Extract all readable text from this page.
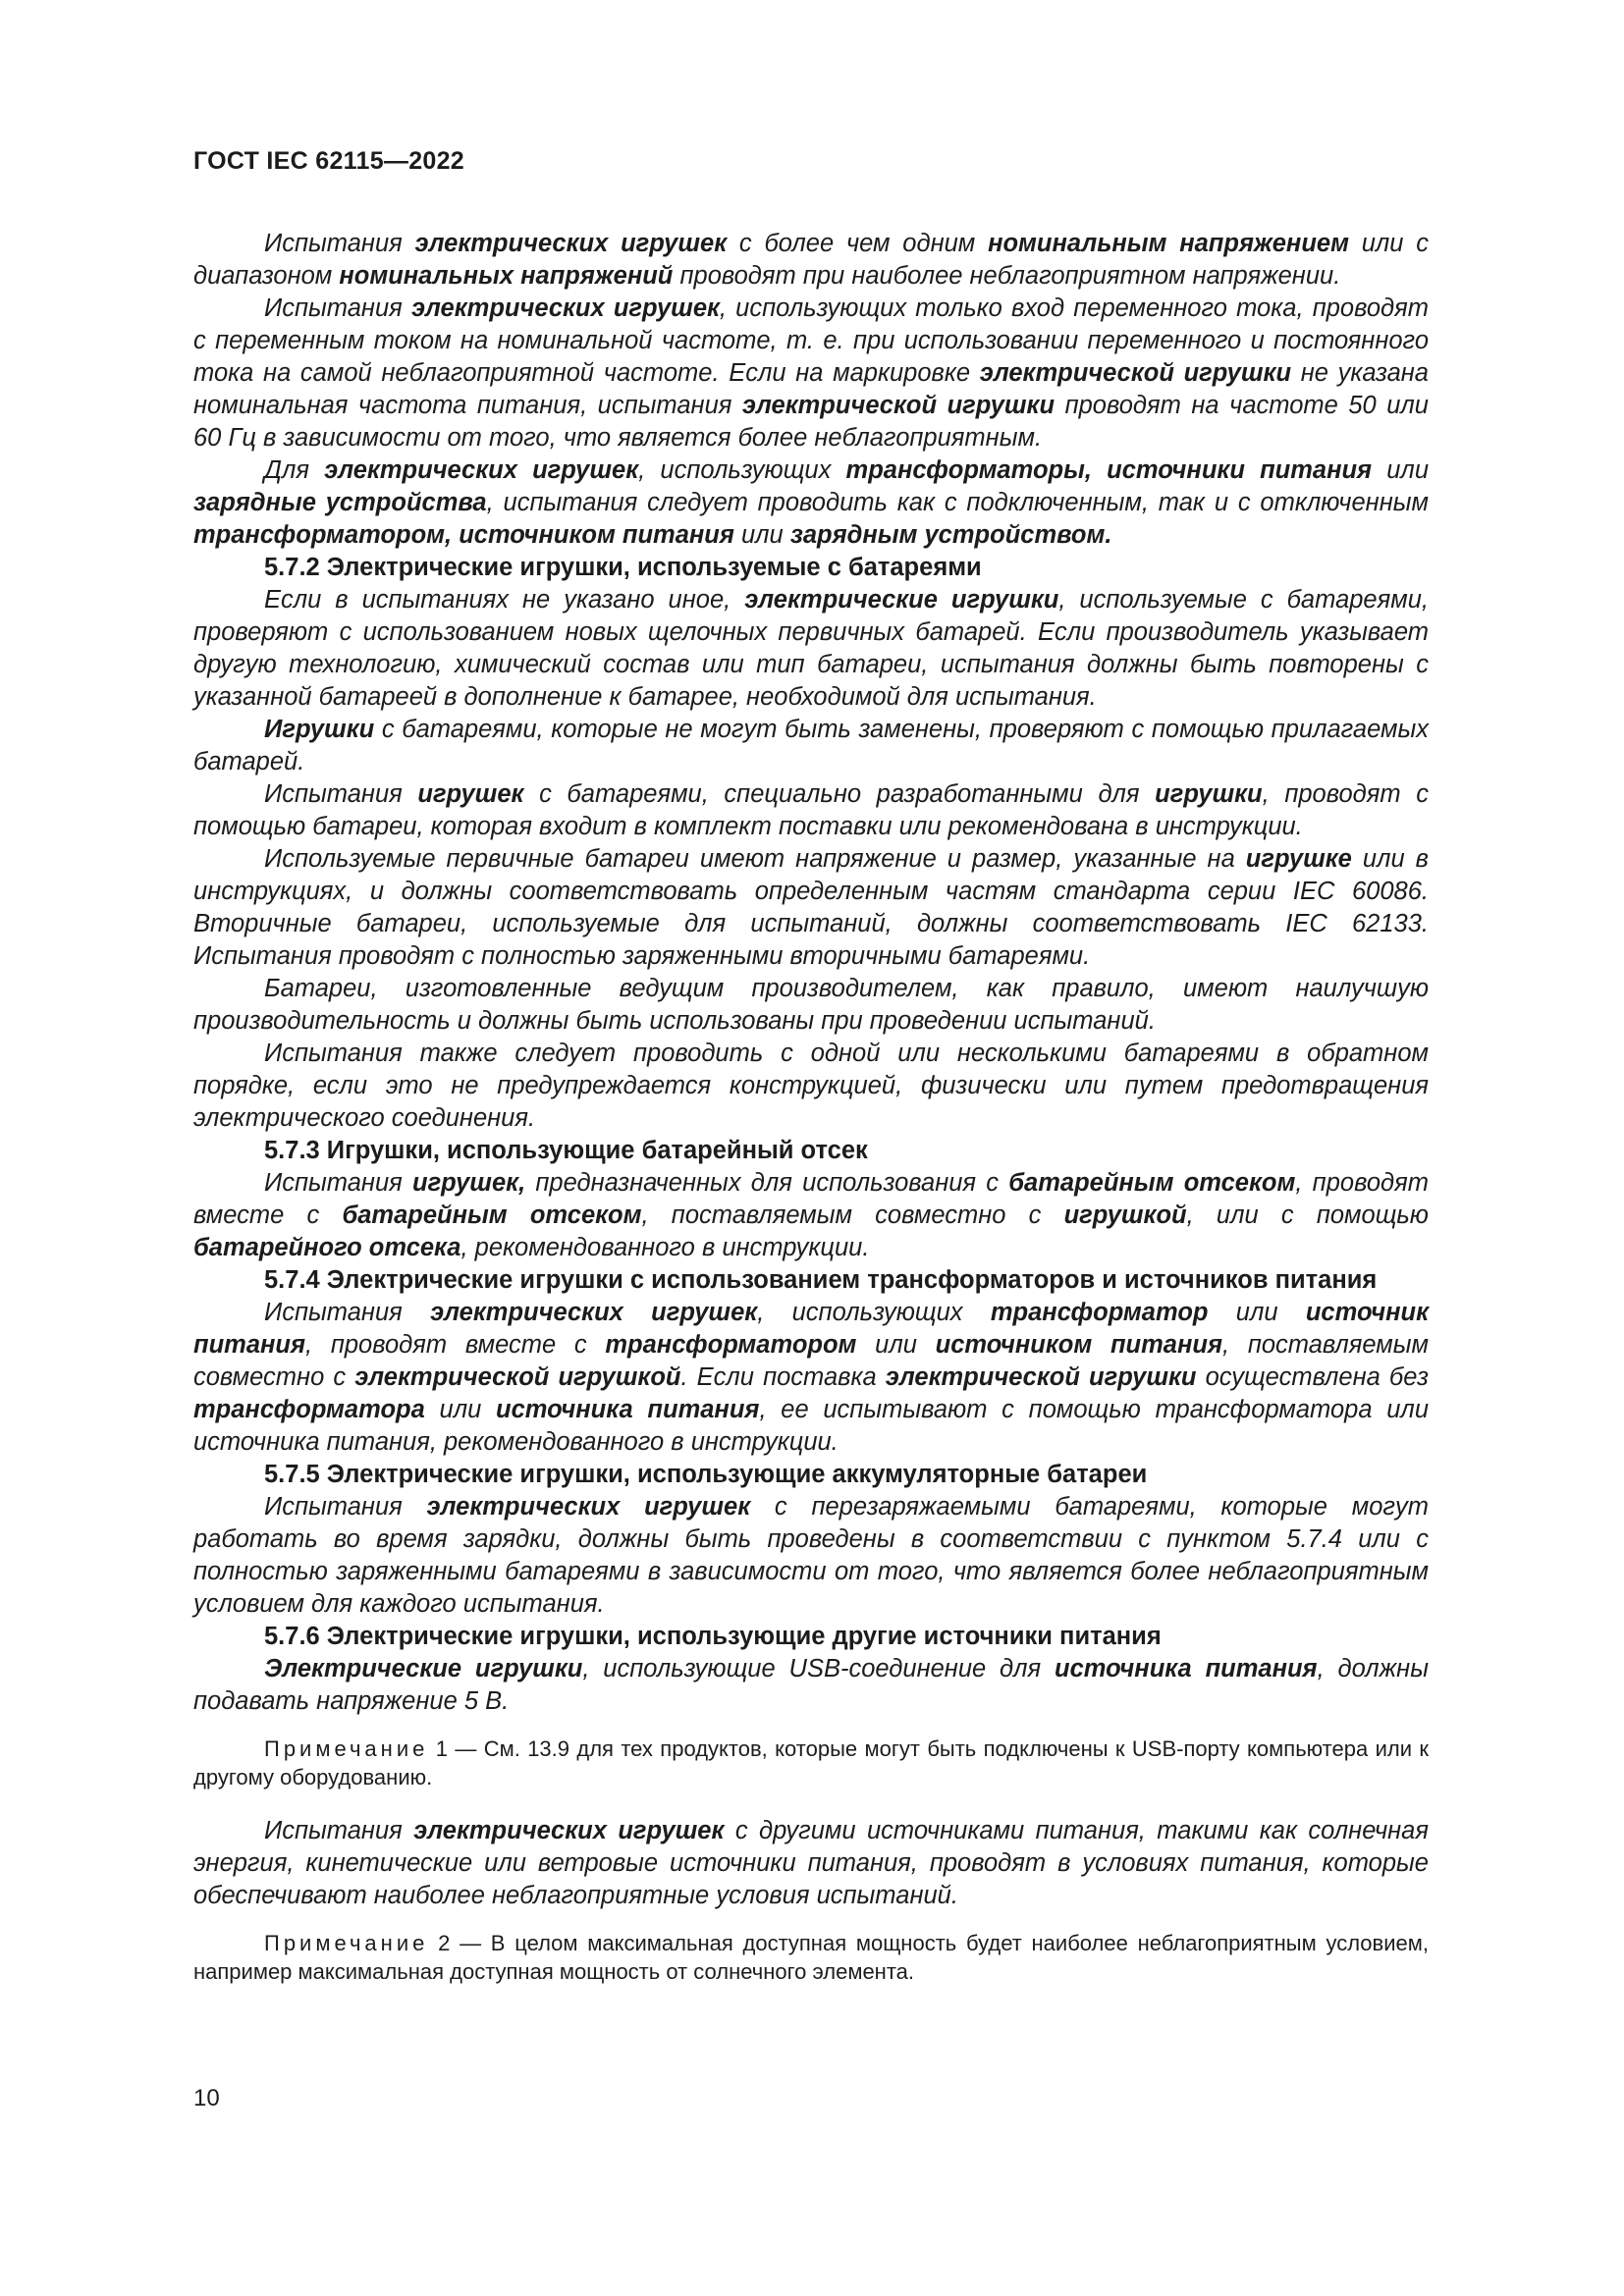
ГОСТ IEC 62115—2022

Испытания электрических игрушек с более чем одним номинальным напряжением или с диапазоном номинальных напряжений проводят при наиболее неблагоприятном напряжении.

Испытания электрических игрушек, использующих только вход переменного тока, проводят с переменным током на номинальной частоте, т. е. при использовании переменного и постоянного тока на самой неблагоприятной частоте. Если на маркировке электрической игрушки не указана номинальная частота питания, испытания электрической игрушки проводят на частоте 50 или 60 Гц в зависимости от того, что является более неблагоприятным.

Для электрических игрушек, использующих трансформаторы, источники питания или зарядные устройства, испытания следует проводить как с подключенным, так и с отключенным трансформатором, источником питания или зарядным устройством.

5.7.2 Электрические игрушки, используемые с батареями

Если в испытаниях не указано иное, электрические игрушки, используемые с батареями, проверяют с использованием новых щелочных первичных батарей. Если производитель указывает другую технологию, химический состав или тип батареи, испытания должны быть повторены с указанной батареей в дополнение к батарее, необходимой для испытания.

Игрушки с батареями, которые не могут быть заменены, проверяют с помощью прилагаемых батарей.

Испытания игрушек с батареями, специально разработанными для игрушки, проводят с помощью батареи, которая входит в комплект поставки или рекомендована в инструкции.

Используемые первичные батареи имеют напряжение и размер, указанные на игрушке или в инструкциях, и должны соответствовать определенным частям стандарта серии IEC 60086. Вторичные батареи, используемые для испытаний, должны соответствовать IEC 62133. Испытания проводят с полностью заряженными вторичными батареями.

Батареи, изготовленные ведущим производителем, как правило, имеют наилучшую производительность и должны быть использованы при проведении испытаний.

Испытания также следует проводить с одной или несколькими батареями в обратном порядке, если это не предупреждается конструкцией, физически или путем предотвращения электрического соединения.

5.7.3 Игрушки, использующие батарейный отсек

Испытания игрушек, предназначенных для использования с батарейным отсеком, проводят вместе с батарейным отсеком, поставляемым совместно с игрушкой, или с помощью батарейного отсека, рекомендованного в инструкции.

5.7.4 Электрические игрушки с использованием трансформаторов и источников питания

Испытания электрических игрушек, использующих трансформатор или источник питания, проводят вместе с трансформатором или источником питания, поставляемым совместно с электрической игрушкой. Если поставка электрической игрушки осуществлена без трансформатора или источника питания, ее испытывают с помощью трансформатора или источника питания, рекомендованного в инструкции.

5.7.5 Электрические игрушки, использующие аккумуляторные батареи

Испытания электрических игрушек с перезаряжаемыми батареями, которые могут работать во время зарядки, должны быть проведены в соответствии с пунктом 5.7.4 или с полностью заряженными батареями в зависимости от того, что является более неблагоприятным условием для каждого испытания.

5.7.6 Электрические игрушки, использующие другие источники питания

Электрические игрушки, использующие USB-соединение для источника питания, должны подавать напряжение 5 В.

Примечание 1 — См. 13.9 для тех продуктов, которые могут быть подключены к USB-порту компьютера или к другому оборудованию.

Испытания электрических игрушек с другими источниками питания, такими как солнечная энергия, кинетические или ветровые источники питания, проводят в условиях питания, которые обеспечивают наиболее неблагоприятные условия испытаний.

Примечание 2 — В целом максимальная доступная мощность будет наиболее неблагоприятным условием, например максимальная доступная мощность от солнечного элемента.

10
